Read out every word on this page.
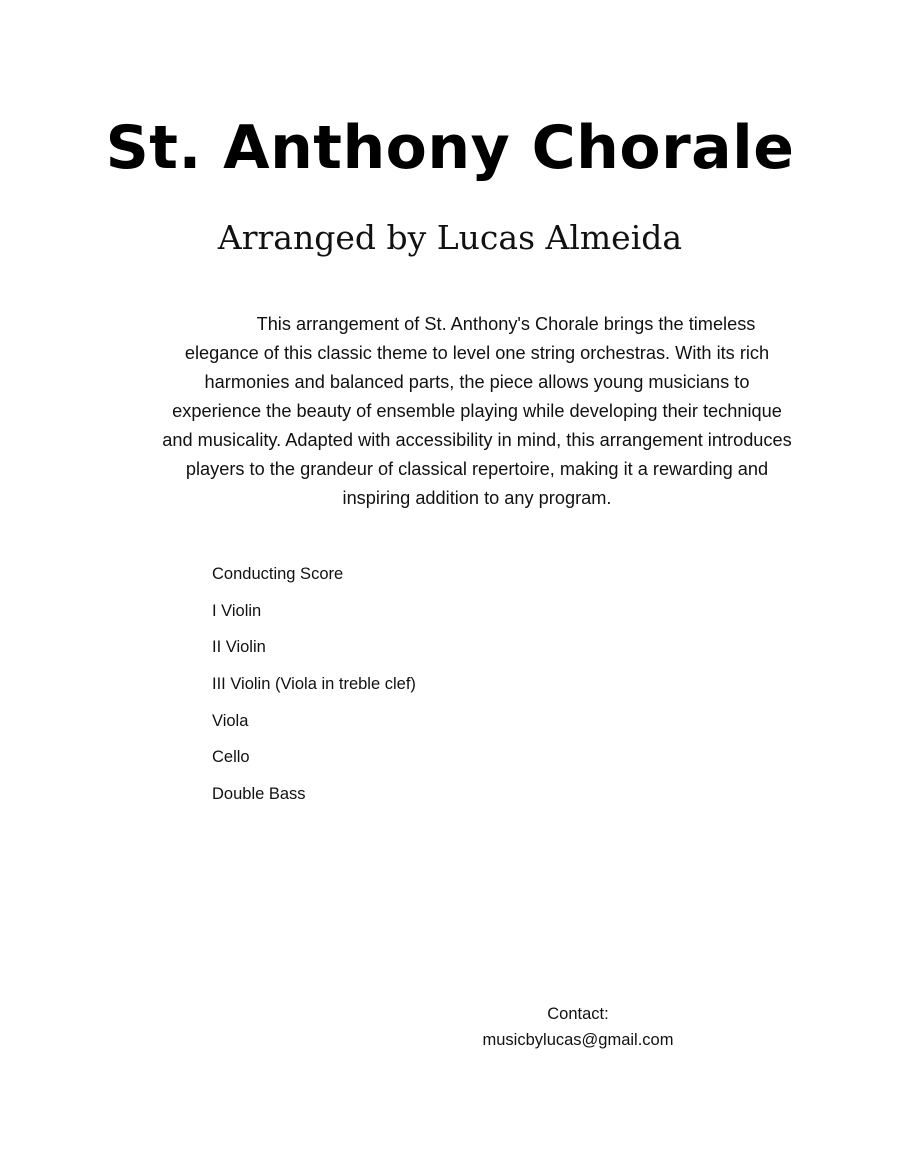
St. Anthony Chorale
Arranged by Lucas Almeida

This arrangement of St. Anthony's Chorale brings the timeless elegance of this classic theme to level one string orchestras. With its rich harmonies and balanced parts, the piece allows young musicians to experience the beauty of ensemble playing while developing their technique and musicality. Adapted with accessibility in mind, this arrangement introduces players to the grandeur of classical repertoire, making it a rewarding and inspiring addition to any program.

Conducting Score
I Violin
II Violin
III Violin (Viola in treble clef)
Viola
Cello
Double Bass
Contact:
musicbylucas@gmail.com
